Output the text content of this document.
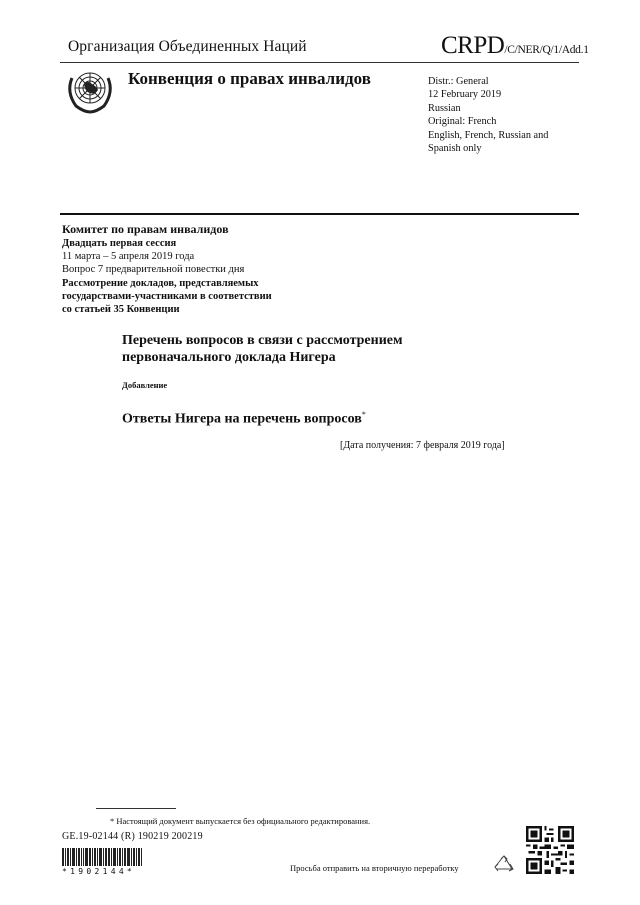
Организация Объединенных Наций	CRPD/C/NER/Q/1/Add.1
Конвенция о правах инвалидов	Distr.: General
12 February 2019
Russian
Original: French
English, French, Russian and
Spanish only
Комитет по правам инвалидов
Двадцать первая сессия
11 марта – 5 апреля 2019 года
Вопрос 7 предварительной повестки дня
Рассмотрение докладов, представляемых
государствами-участниками в соответствии
со статьей 35 Конвенции
Перечень вопросов в связи с рассмотрением
первоначального доклада Нигера
Добавление
Ответы Нигера на перечень вопросов*
[Дата получения: 7 февраля 2019 года]
* Настоящий документ выпускается без официального редактирования.
GE.19-02144 (R) 190219 200219
*1902144*	Просьба отправить на вторичную переработку
